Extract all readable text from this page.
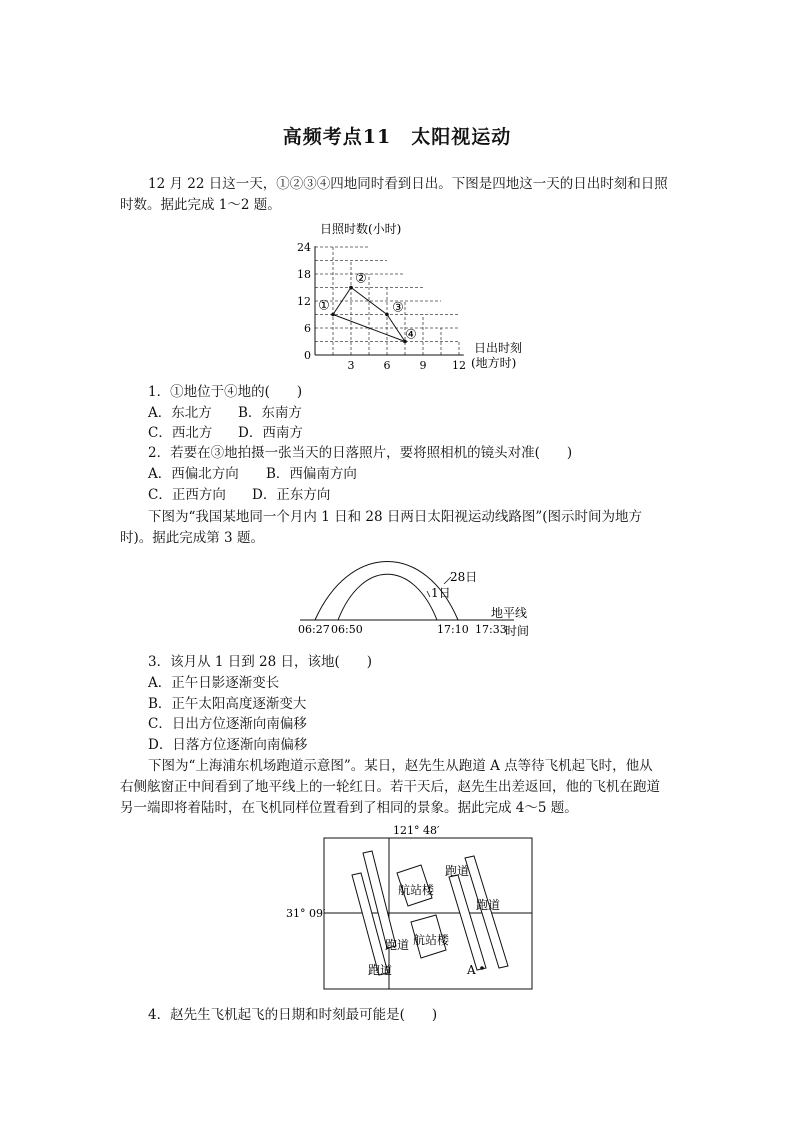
高频考点11　太阳视运动
12 月 22 日这一天，①②③④四地同时看到日出。下图是四地这一天的日出时刻和日照
时数。据此完成 1～2 题。
日照时数(小时)
24
18
12
6
0
3	6	9 12
①
②
③
④
日出时刻
(地方时)
1．①地位于④地的(　　)
A．东北方 B．东南方
C．西北方 D．西南方
2．若要在③地拍摄一张当天的日落照片，要将照相机的镜头对准(　　)
A．西偏北方向 B．西偏南方向
C．正西方向 D．正东方向
下图为“我国某地同一个月内 1 日和 28 日两日太阳视运动线路图”(图示时间为地方
时)。据此完成第 3 题。
28日
1日
地平线
06:27 06:50	17:10 17:33
时间
3．该月从 1 日到 28 日，该地(　　)
A．正午日影逐渐变长
B．正午太阳高度逐渐变大
C．日出方位逐渐向南偏移
D．日落方位逐渐向南偏移
下图为“上海浦东机场跑道示意图”。某日，赵先生从跑道 A 点等待飞机起飞时，他从
右侧舷窗正中间看到了地平线上的一轮红日。若干天后，赵先生出差返回，他的飞机在跑道
另一端即将着陆时，在飞机同样位置看到了相同的景象。据此完成 4～5 题。
121° 48′
31° 09′
航站楼
航站楼
跑道
跑道
跑道
跑道	A
4．赵先生飞机起飞的日期和时刻最可能是(　　)
